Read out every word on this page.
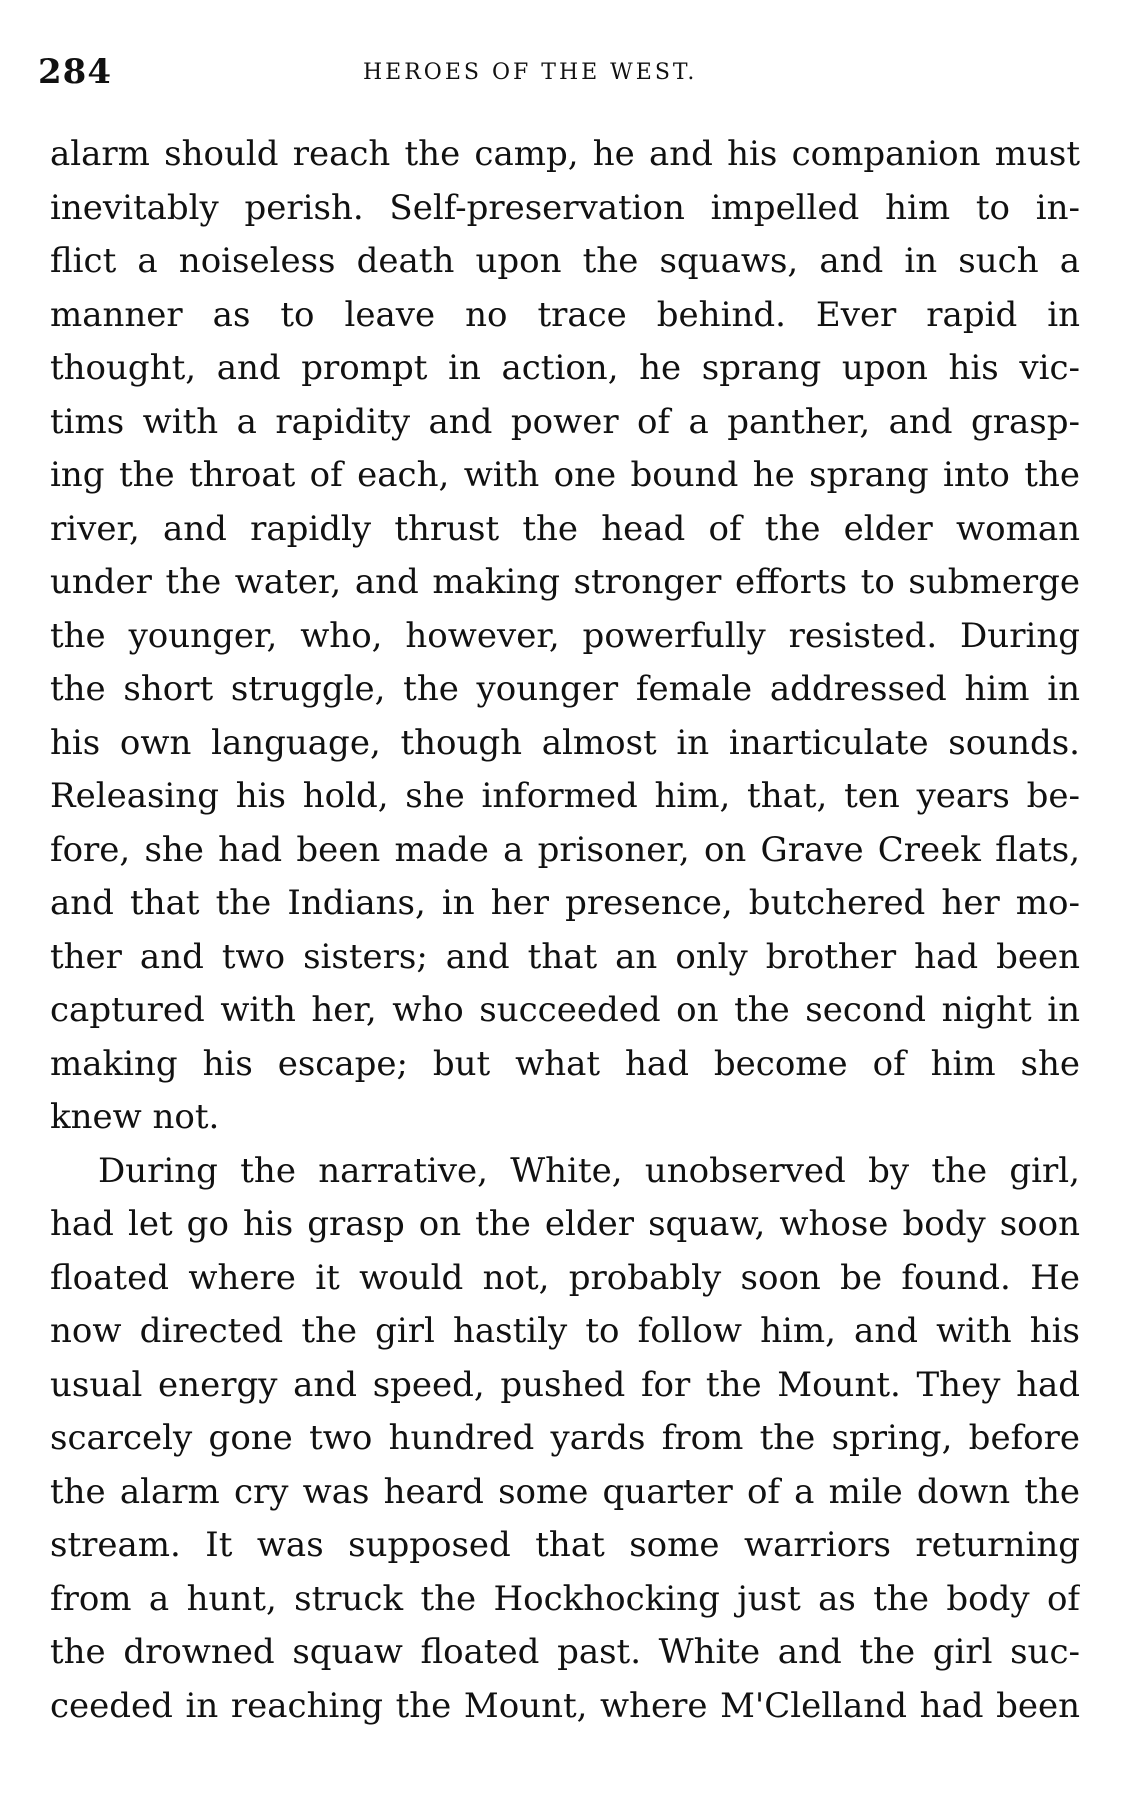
284	HEROES OF THE WEST.
alarm should reach the camp, he and his companion must
inevitably perish. Self-preservation impelled him to in-
flict a noiseless death upon the squaws, and in such a
manner as to leave no trace behind. Ever rapid in
thought, and prompt in action, he sprang upon his vic-
tims with a rapidity and power of a panther, and grasp-
ing the throat of each, with one bound he sprang into the
river, and rapidly thrust the head of the elder woman
under the water, and making stronger efforts to submerge
the younger, who, however, powerfully resisted. During
the short struggle, the younger female addressed him in
his own language, though almost in inarticulate sounds.
Releasing his hold, she informed him, that, ten years be-
fore, she had been made a prisoner, on Grave Creek flats,
and that the Indians, in her presence, butchered her mo-
ther and two sisters; and that an only brother had been
captured with her, who succeeded on the second night in
making his escape; but what had become of him she
knew not.
During the narrative, White, unobserved by the girl,
had let go his grasp on the elder squaw, whose body soon
floated where it would not, probably soon be found. He
now directed the girl hastily to follow him, and with his
usual energy and speed, pushed for the Mount. They had
scarcely gone two hundred yards from the spring, before
the alarm cry was heard some quarter of a mile down the
stream. It was supposed that some warriors returning
from a hunt, struck the Hockhocking just as the body of
the drowned squaw floated past. White and the girl suc-
ceeded in reaching the Mount, where M'Clelland had been
